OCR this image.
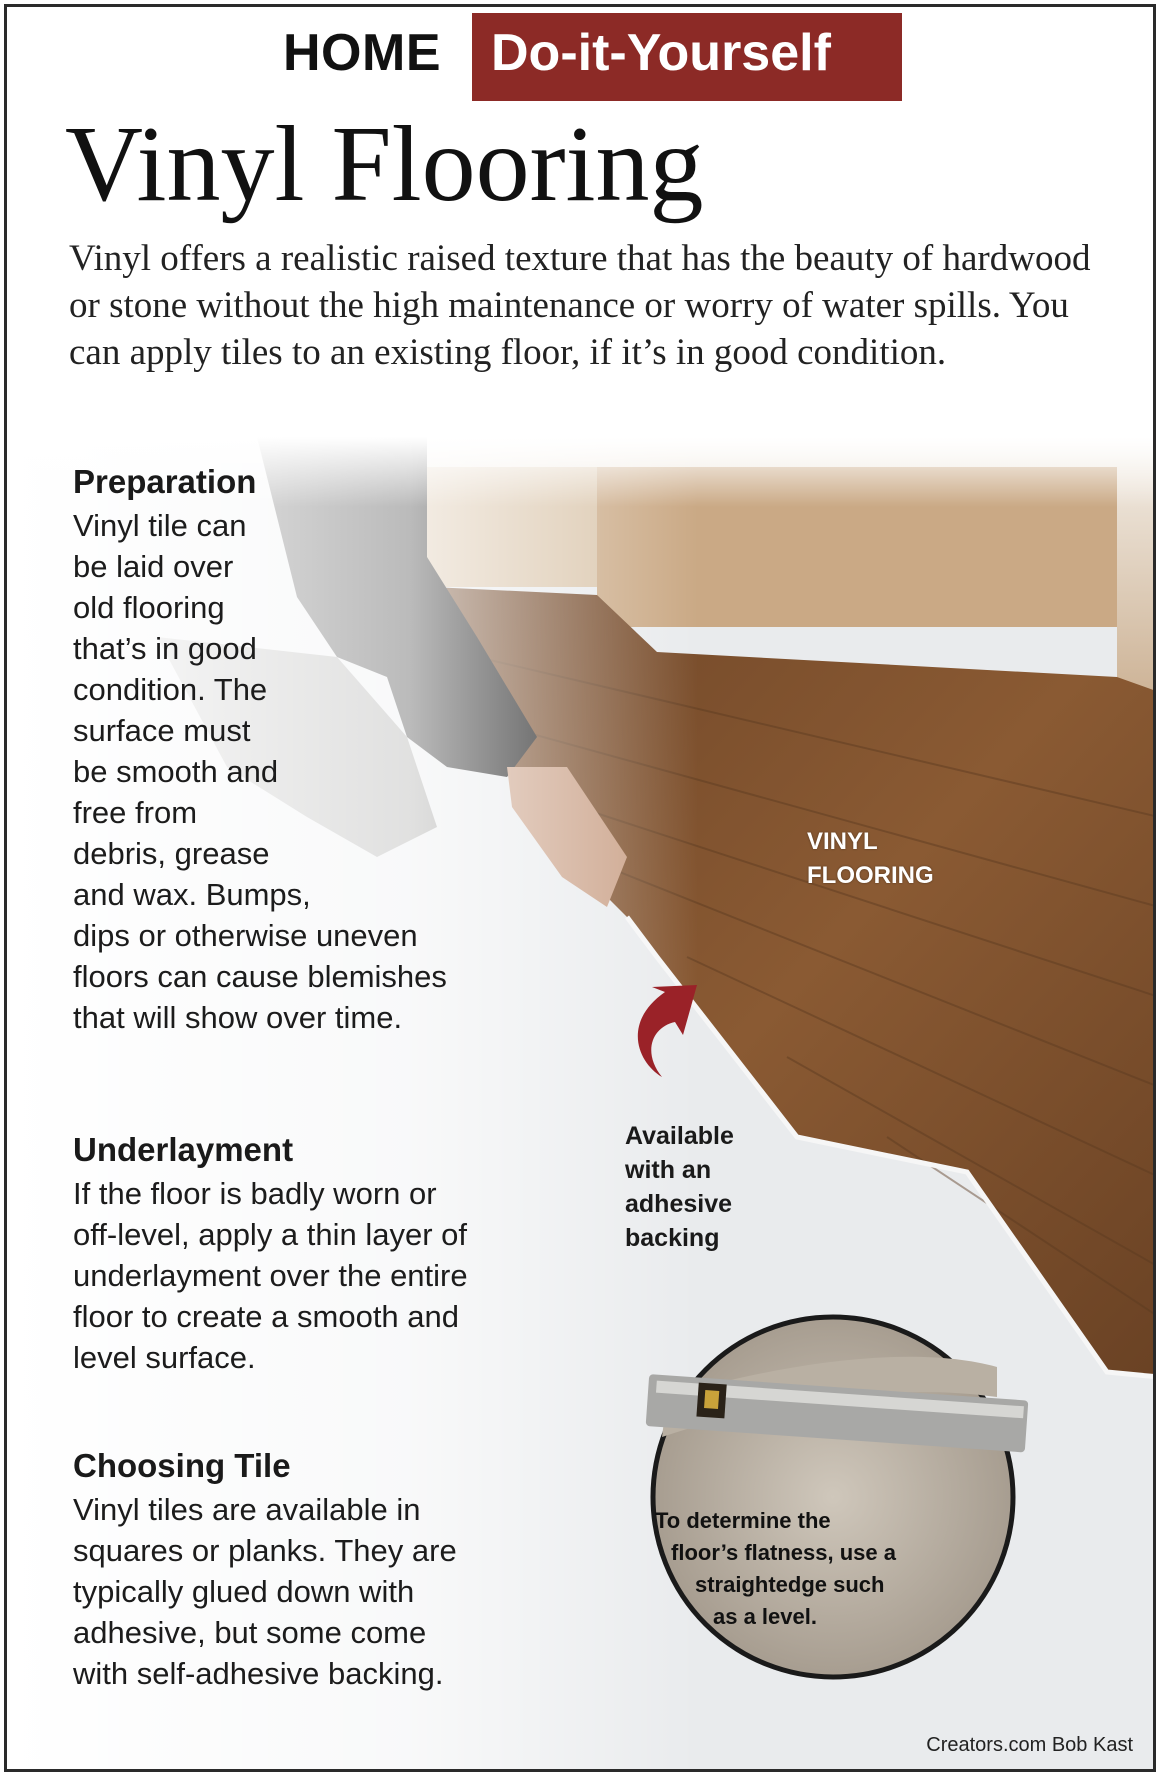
HOME Do-it-Yourself
Vinyl Flooring
Vinyl offers a realistic raised texture that has the beauty of hardwood or stone without the high maintenance or worry of water spills. You can apply tiles to an existing floor, if it’s in good condition.
Preparation
Vinyl tile can
be laid over
old flooring
that’s in good
condition. The
surface must
be smooth and
free from
debris, grease
and wax. Bumps,
dips or otherwise uneven
floors can cause blemishes
that will show over time.
Underlayment
If the floor is badly worn or
off-level, apply a thin layer of
underlayment over the entire
floor to create a smooth and
level surface.
Choosing Tile
Vinyl tiles are available in
squares or planks. They are
typically glued down with
adhesive, but some come
with self-adhesive backing.
VINYL
FLOORING
Available
with an
adhesive
backing
To determine the
floor’s flatness, use a
straightedge such
as a level.
Creators.com Bob Kast
